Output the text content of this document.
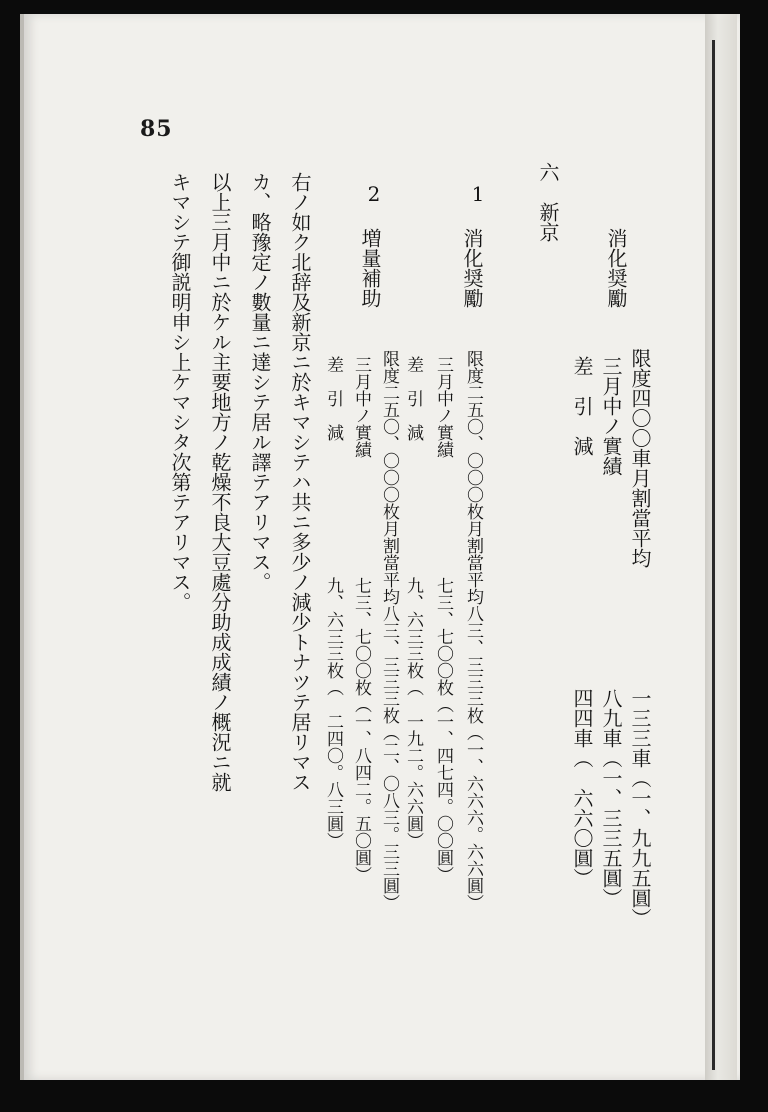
85
消化奨勵
限度四〇〇車月割當平均
一三三車（一、九九五圓）
三月中ノ實績
八九車（一、三三五圓）
差　引　減
四四車（　六六〇圓）
六　新京
1
消化奨勵
限度二五〇、〇〇〇枚月割當平均八三、三三三枚（一、六六六。六六圓）
三月中ノ實績　　　　　　　七三、七〇〇枚（一、四七四。〇〇圓）
差　引　減　　　　　　　　九、六三三枚（　一九二。六六圓）
2
増量補助
限度二五〇、〇〇〇枚月割當平均八三、三三三枚（二、〇八三。三三圓）
三月中ノ實績　　　　　　　七三、七〇〇枚（一、八四二。五〇圓）
差　引　減　　　　　　　　九、六三三枚（　二四〇。八三圓）
右ノ如ク北辞及新京ニ於キマシテハ共ニ多少ノ減少トナツテ居リマス
カ、略豫定ノ數量ニ達シテ居ル譯テアリマス。
以上三月中ニ於ケル主要地方ノ乾燥不良大豆處分助成成績ノ概況ニ就
キマシテ御説明申シ上ケマシタ次第テアリマス。
